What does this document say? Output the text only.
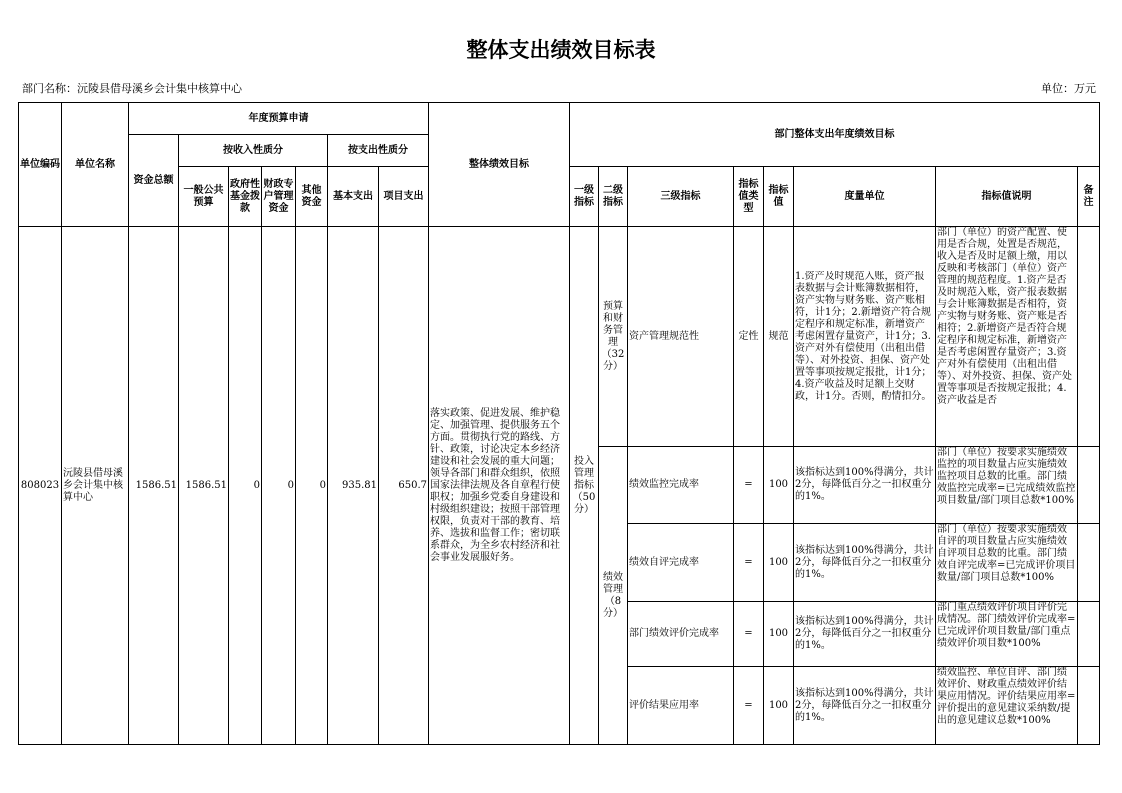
整体支出绩效目标表
部门名称：沅陵县借母溪乡会计集中核算中心	单位：万元
单位编码	单位名称	年度预算申请							整体绩效目标	部门整体支出年度绩效目标							
		资金总额	按收入性质分				按支出性质分										
			一般公共预算	政府性基金拨款	财政专户管理资金	其他资金	基本支出	项目支出		一级指标	二级指标	三级指标	指标值类型	指标值	度量单位	指标值说明	备注

808023	沅陵县借母溪乡会计集中核算中心	1586.51	1586.51	0	0	0	935.81	650.7	落实政策、促进发展、维护稳定、加强管理、提供服务五个方面。贯彻执行党的路线、方针、政策，讨论决定本乡经济建设和社会发展的重大问题；领导各部门和群众组织，依照国家法律法规及各自章程行使职权；加强乡党委自身建设和村级组织建设；按照干部管理权限，负责对干部的教育、培养、选拔和监督工作；密切联系群众，为全乡农村经济和社会事业发展服好务。	投入管理指标（50分）	预算和财务管理（32分）	资产管理规范性	定性	规范	1.资产及时规范入账，资产报表数据与会计账簿数据相符，资产实物与财务账、资产账相符，计1分；2.新增资产符合规定程序和规定标准，新增资产考虑闲置存量资产，计1分；3.资产对外有偿使用（出租出借等）、对外投资、担保、资产处置等事项按规定报批，计1分；4.资产收益及时足额上交财政，计1分。否则，酌情扣分。	部门（单位）的资产配置、使用是否合规，处置是否规范，收入是否及时足额上缴，用以反映和考核部门（单位）资产管理的规范程度。1.资产是否及时规范入账，资产报表数据与会计账簿数据是否相符，资产实物与财务账、资产账是否相符；2.新增资产是否符合规定程序和规定标准，新增资产是否考虑闲置存量资产；3.资产对外有偿使用（出租出借等）、对外投资、担保、资产处置等事项是否按规定报批；4.资产收益是否	

											绩效管理（8分）	绩效监控完成率	=	100	该指标达到100%得满分，共计2分，每降低百分之一扣权重分的1%。	部门（单位）按要求实施绩效监控的项目数量占应实施绩效监控项目总数的比重。部门绩效监控完成率=已完成绩效监控项目数量/部门项目总数*100%	

												绩效自评完成率	=	100	该指标达到100%得满分，共计2分，每降低百分之一扣权重分的1%。	部门（单位）按要求实施绩效自评的项目数量占应实施绩效自评项目总数的比重。部门绩效自评完成率=已完成评价项目数量/部门项目总数*100%	

												部门绩效评价完成率	=	100	该指标达到100%得满分，共计2分，每降低百分之一扣权重分的1%。	部门重点绩效评价项目评价完成情况。部门绩效评价完成率=已完成评价项目数量/部门重点绩效评价项目数*100%	

												评价结果应用率	=	100	该指标达到100%得满分，共计2分，每降低百分之一扣权重分的1%。	绩效监控、单位自评、部门绩效评价、财政重点绩效评价结果应用情况。评价结果应用率=评价提出的意见建议采纳数/提出的意见建议总数*100%	
